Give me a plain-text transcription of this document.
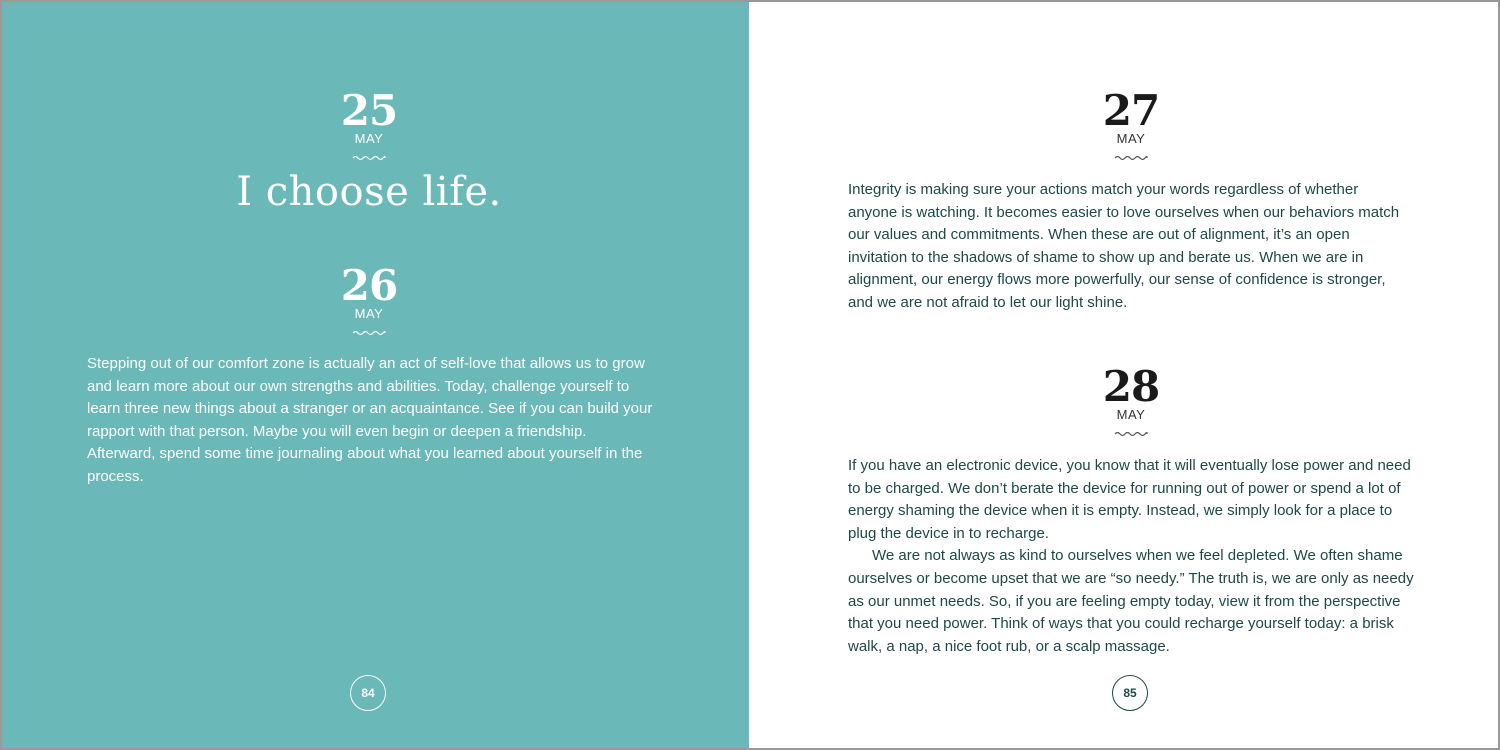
25
MAY
I choose life.
26
MAY

Stepping out of our comfort zone is actually an act of self-love that allows us to grow and learn more about our own strengths and abilities. Today, challenge yourself to learn three new things about a stranger or an acquaintance. See if you can build your rapport with that person. Maybe you will even begin or deepen a friendship. Afterward, spend some time journaling about what you learned about yourself in the process.

84
27
MAY

Integrity is making sure your actions match your words regardless of whether anyone is watching. It becomes easier to love ourselves when our behaviors match our values and commitments. When these are out of alignment, it’s an open invitation to the shadows of shame to show up and berate us. When we are in alignment, our energy flows more powerfully, our sense of confidence is stronger, and we are not afraid to let our light shine.

28
MAY

If you have an electronic device, you know that it will eventually lose power and need to be charged. We don’t berate the device for running out of power or spend a lot of energy shaming the device when it is empty. Instead, we simply look for a place to plug the device in to recharge.

We are not always as kind to ourselves when we feel depleted. We often shame ourselves or become upset that we are “so needy.” The truth is, we are only as needy as our unmet needs. So, if you are feeling empty today, view it from the perspective that you need power. Think of ways that you could recharge yourself today: a brisk walk, a nap, a nice foot rub, or a scalp massage.

85
